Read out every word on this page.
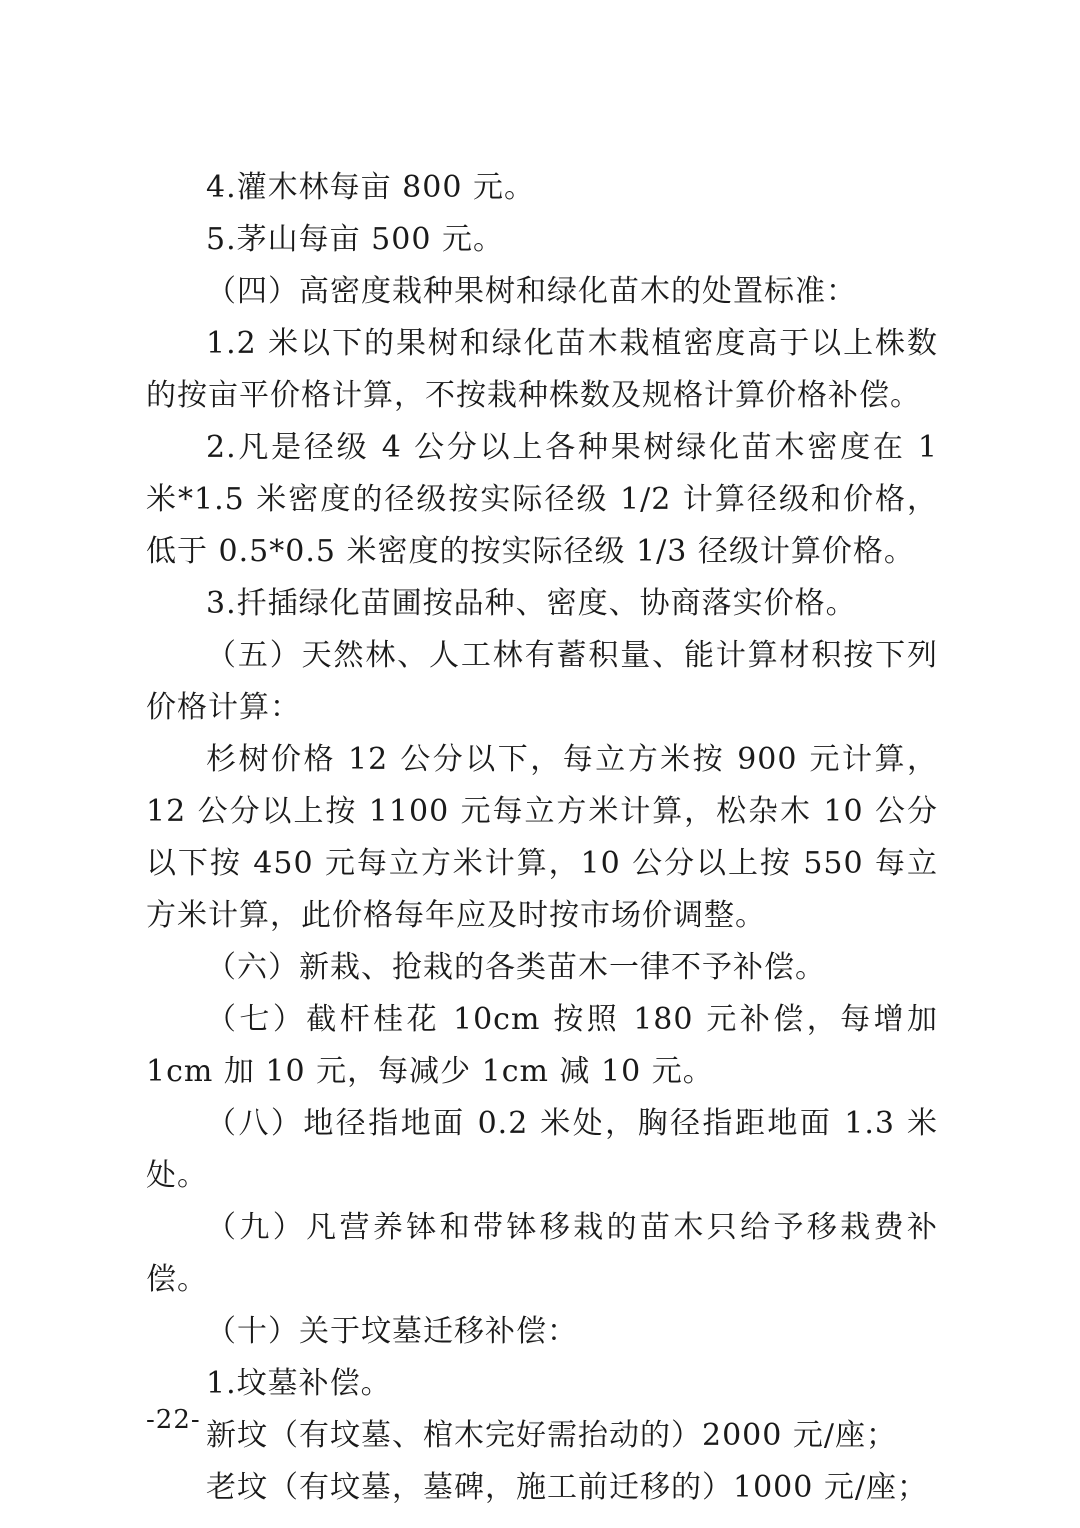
4.灌木林每亩 800 元。

5.茅山每亩 500 元。

（四）高密度栽种果树和绿化苗木的处置标准：

1.2 米以下的果树和绿化苗木栽植密度高于以上株数的按亩平价格计算，不按栽种株数及规格计算价格补偿。

2.凡是径级 4 公分以上各种果树绿化苗木密度在 1 米*1.5 米密度的径级按实际径级 1/2 计算径级和价格，低于 0.5*0.5 米密度的按实际径级 1/3 径级计算价格。

3.扦插绿化苗圃按品种、密度、协商落实价格。

（五）天然林、人工林有蓄积量、能计算材积按下列价格计算：

杉树价格 12 公分以下，每立方米按 900 元计算，12 公分以上按 1100 元每立方米计算，松杂木 10 公分以下按 450 元每立方米计算，10 公分以上按 550 每立方米计算，此价格每年应及时按市场价调整。

（六）新栽、抢栽的各类苗木一律不予补偿。

（七）截杆桂花 10cm 按照 180 元补偿，每增加 1cm 加 10 元，每减少 1cm 减 10 元。

（八）地径指地面 0.2 米处，胸径指距地面 1.3 米处。

（九）凡营养钵和带钵移栽的苗木只给予移栽费补偿。

（十）关于坟墓迁移补偿：

1.坟墓补偿。

新坟（有坟墓、棺木完好需抬动的）2000 元/座；

老坟（有坟墓，墓碑，施工前迁移的）1000 元/座；

-22-
